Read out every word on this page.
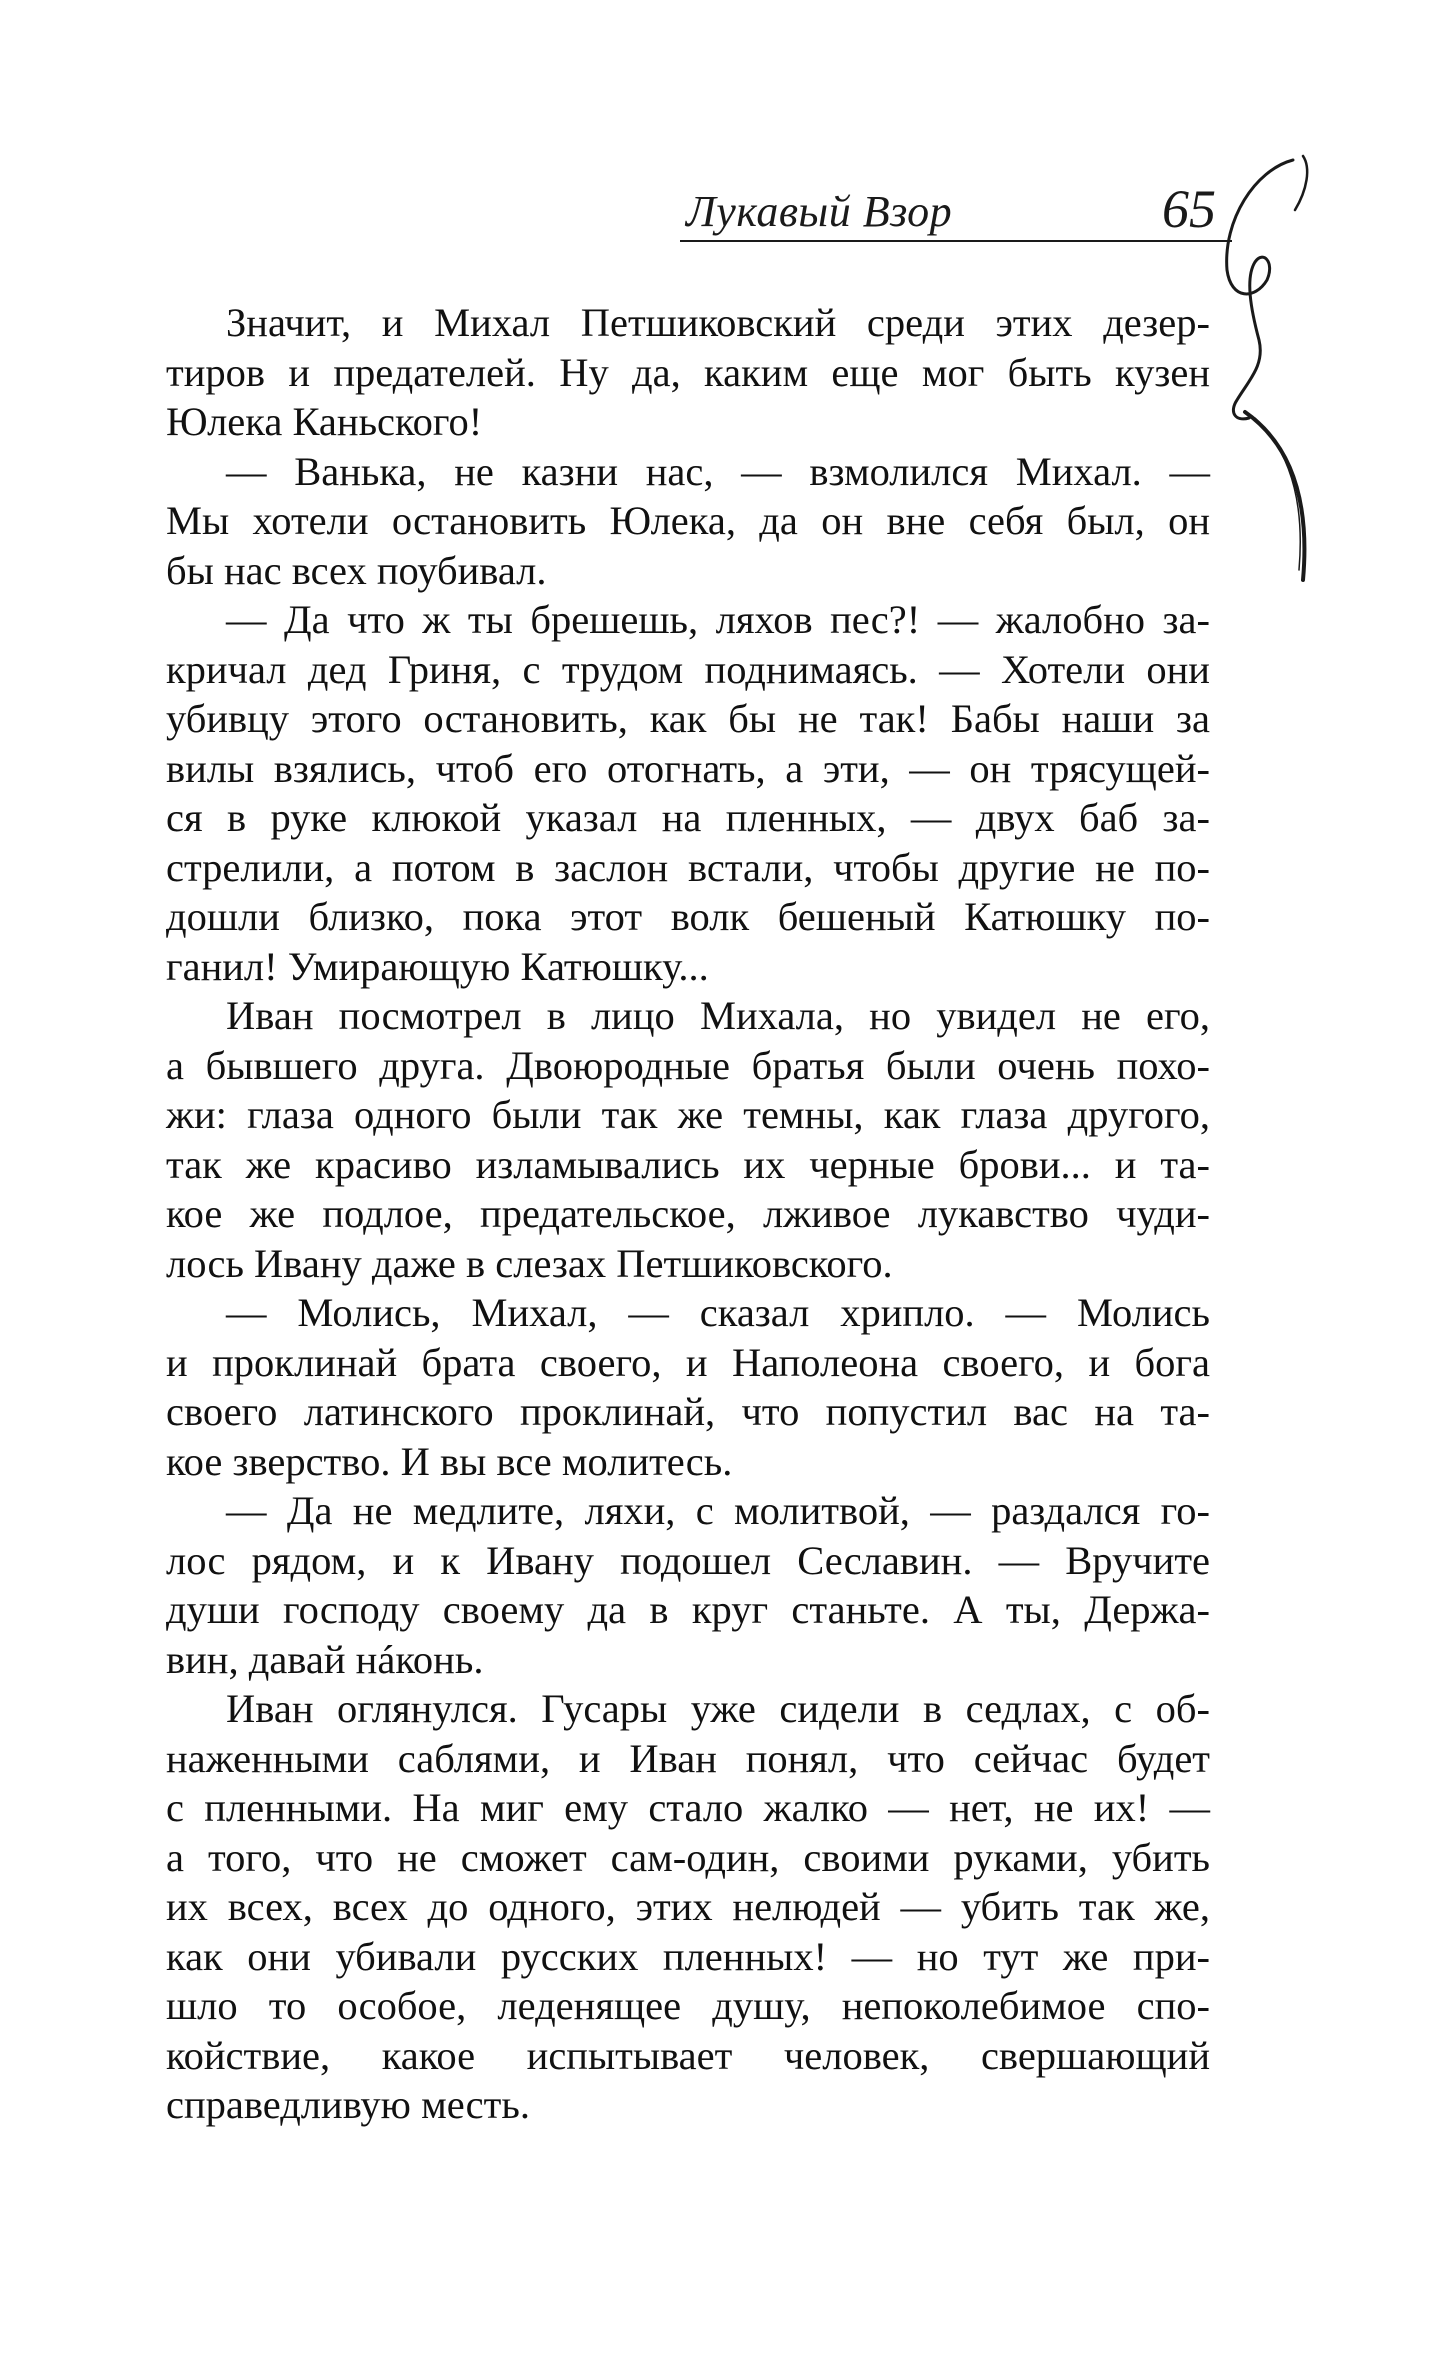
Лукавый Взор	65

Значит, и Михал Петшиковский среди этих дезер-
тиров и предателей. Ну да, каким еще мог быть кузен
Юлека Каньского!

— Ванька, не казни нас, — взмолился Михал. —
Мы хотели остановить Юлека, да он вне себя был, он
бы нас всех поубивал.

— Да что ж ты брешешь, ляхов пес?! — жалобно за-
кричал дед Гриня, с трудом поднимаясь. — Хотели они
убивцу этого остановить, как бы не так! Бабы наши за
вилы взялись, чтоб его отогнать, а эти, — он трясущей-
ся в руке клюкой указал на пленных, — двух баб за-
стрелили, а потом в заслон встали, чтобы другие не по-
дошли близко, пока этот волк бешеный Катюшку по-
ганил! Умирающую Катюшку...

Иван посмотрел в лицо Михала, но увидел не его,
а бывшего друга. Двоюродные братья были очень похо-
жи: глаза одного были так же темны, как глаза другого,
так же красиво изламывались их черные брови... и та-
кое же подлое, предательское, лживое лукавство чуди-
лось Ивану даже в слезах Петшиковского.

— Молись, Михал, — сказал хрипло. — Молись
и проклинай брата своего, и Наполеона своего, и бога
своего латинского проклинай, что попустил вас на та-
кое зверство. И вы все молитесь.

— Да не медлите, ляхи, с молитвой, — раздался го-
лос рядом, и к Ивану подошел Сеславин. — Вручите
души господу своему да в круг станьте. А ты, Держа-
вин, давай нáконь.

Иван оглянулся. Гусары уже сидели в седлах, с об-
наженными саблями, и Иван понял, что сейчас будет
с пленными. На миг ему стало жалко — нет, не их! —
а того, что не сможет сам-один, своими руками, убить
их всех, всех до одного, этих нелюдей — убить так же,
как они убивали русских пленных! — но тут же при-
шло то особое, леденящее душу, непоколебимое спо-
койствие, какое испытывает человек, свершающий
справедливую месть.
